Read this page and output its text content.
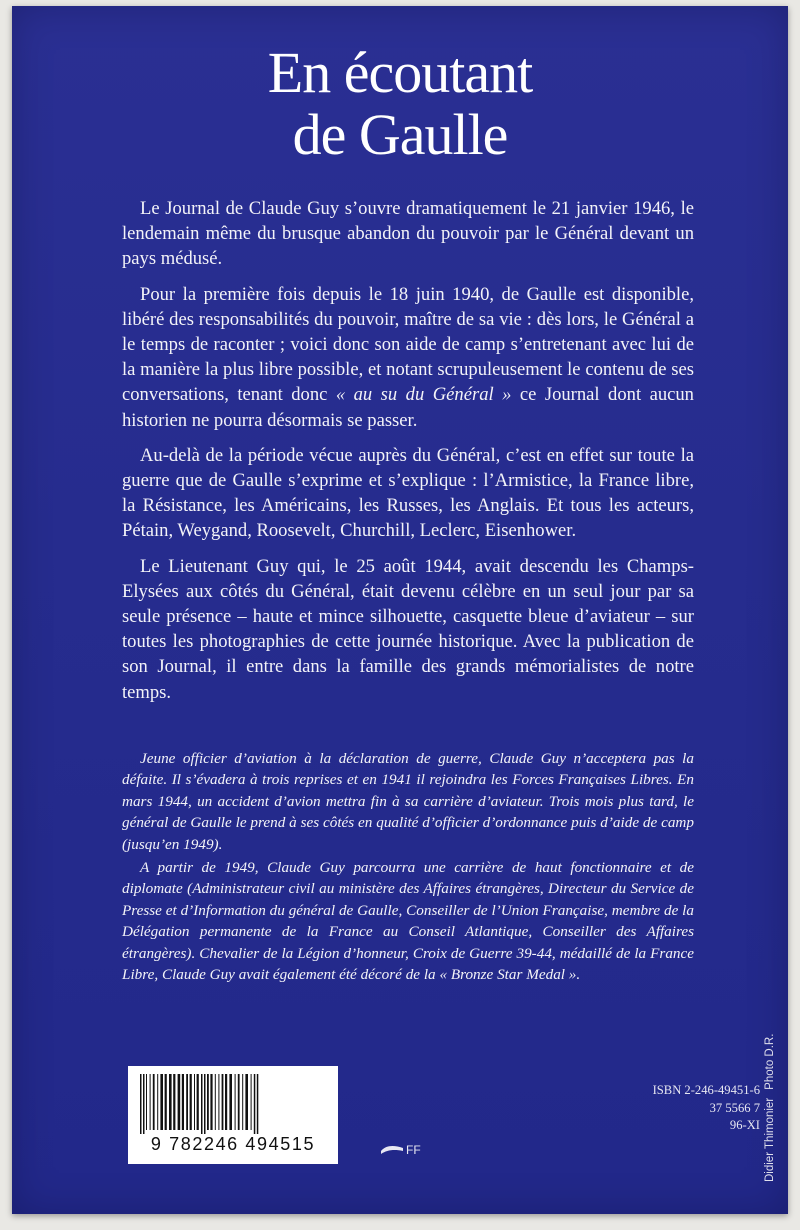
En écoutant
de Gaulle

Le Journal de Claude Guy s’ouvre dramatiquement le 21 janvier 1946, le lendemain même du brusque abandon du pouvoir par le Général devant un pays médusé.

Pour la première fois depuis le 18 juin 1940, de Gaulle est disponible, libéré des responsabilités du pouvoir, maître de sa vie : dès lors, le Général a le temps de raconter ; voici donc son aide de camp s’entretenant avec lui de la manière la plus libre possible, et notant scrupuleusement le contenu de ses conversations, tenant donc « au su du Général » ce Journal dont aucun historien ne pourra désormais se passer.

Au-delà de la période vécue auprès du Général, c’est en effet sur toute la guerre que de Gaulle s’exprime et s’explique : l’Armistice, la France libre, la Résistance, les Américains, les Russes, les Anglais. Et tous les acteurs, Pétain, Weygand, Roosevelt, Churchill, Leclerc, Eisenhower.

Le Lieutenant Guy qui, le 25 août 1944, avait descendu les Champs-Elysées aux côtés du Général, était devenu célèbre en un seul jour par sa seule présence – haute et mince silhouette, casquette bleue d’aviateur – sur toutes les photographies de cette journée historique. Avec la publication de son Journal, il entre dans la famille des grands mémorialistes de notre temps.

Jeune officier d’aviation à la déclaration de guerre, Claude Guy n’acceptera pas la défaite. Il s’évadera à trois reprises et en 1941 il rejoindra les Forces Françaises Libres. En mars 1944, un accident d’avion mettra fin à sa carrière d’aviateur. Trois mois plus tard, le général de Gaulle le prend à ses côtés en qualité d’officier d’ordonnance puis d’aide de camp (jusqu’en 1949).

A partir de 1949, Claude Guy parcourra une carrière de haut fonctionnaire et de diplomate (Administrateur civil au ministère des Affaires étrangères, Directeur du Service de Presse et d’Information du général de Gaulle, Conseiller de l’Union Française, membre de la Délégation permanente de la France au Conseil Atlantique, Conseiller des Affaires étrangères). Chevalier de la Légion d’honneur, Croix de Guerre 39-44, médaillé de la France Libre, Claude Guy avait également été décoré de la « Bronze Star Medal ».

9 782246 494515	FF
ISBN 2-246-49451-6
37 5566 7
96-XI Didier ThimonierPhoto D.R.
